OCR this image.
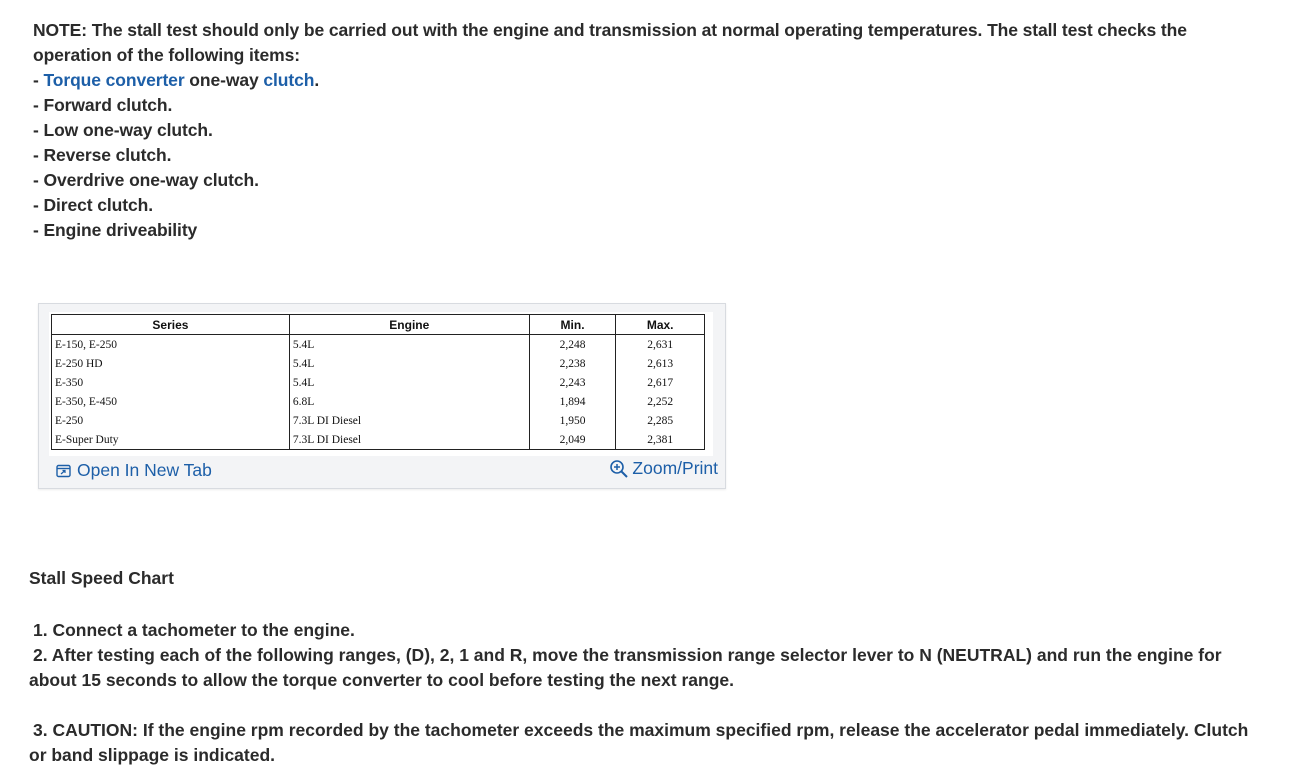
NOTE: The stall test should only be carried out with the engine and transmission at normal operating temperatures. The stall test checks the operation of the following items:

- Torque converter one-way clutch.
- Forward clutch.
- Low one-way clutch.
- Reverse clutch.
- Overdrive one-way clutch.
- Direct clutch.
- Engine driveability
Series	Engine	Min.	Max.
E-150, E-250	5.4L	2,248	2,631
E-250 HD	5.4L	2,238	2,613
E-350	5.4L	2,243	2,617
E-350, E-450	6.8L	1,894	2,252
E-250	7.3L DI Diesel	1,950	2,285
E-Super Duty	7.3L DI Diesel	2,049	2,381
Open In New Tab	Zoom/Print
Stall Speed Chart

1. Connect a tachometer to the engine.

2. After testing each of the following ranges, (D), 2, 1 and R, move the transmission range selector lever to N (NEUTRAL) and run the engine for about 15 seconds to allow the torque converter to cool before testing the next range.

3. CAUTION: If the engine rpm recorded by the tachometer exceeds the maximum specified rpm, release the accelerator pedal immediately. Clutch or band slippage is indicated.
